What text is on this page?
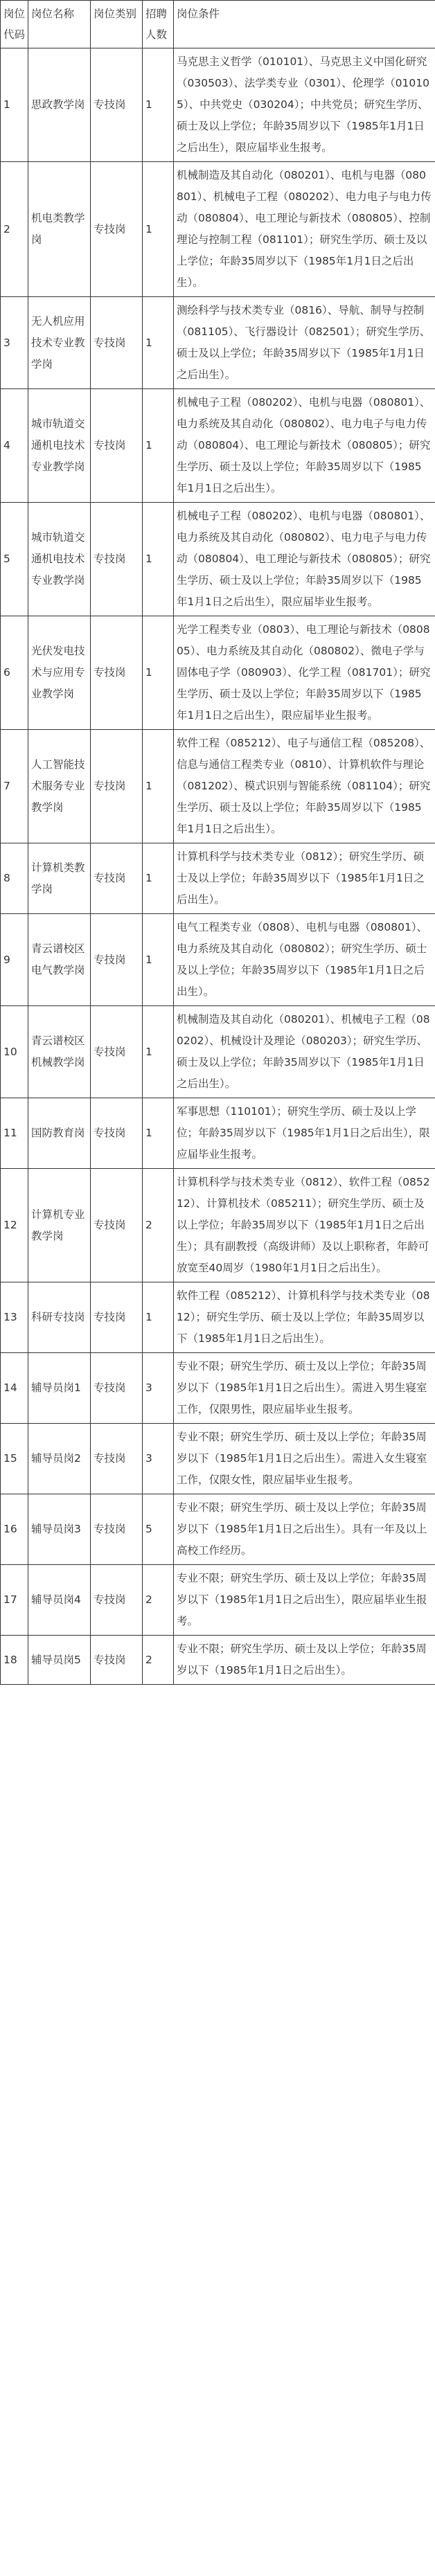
岗位代码	岗位名称	岗位类别	招聘人数	岗位条件
1	思政教学岗	专技岗	1	马克思主义哲学（010101）、马克思主义中国化研究（030503）、法学类专业（0301）、伦理学（010105）、中共党史（030204）；中共党员；研究生学历、硕士及以上学位；年龄35周岁以下（1985年1月1日之后出生），限应届毕业生报考。
2	机电类教学岗	专技岗	1	机械制造及其自动化（080201）、电机与电器（080801）、机械电子工程（080202）、电力电子与电力传动（080804）、电工理论与新技术（080805）、控制理论与控制工程（081101）；研究生学历、硕士及以上学位；年龄35周岁以下（1985年1月1日之后出生）。
3	无人机应用技术专业教学岗	专技岗	1	测绘科学与技术类专业（0816）、导航、制导与控制（081105）、飞行器设计（082501）；研究生学历、硕士及以上学位；年龄35周岁以下（1985年1月1日之后出生）。
4	城市轨道交通机电技术专业教学岗	专技岗	1	机械电子工程（080202）、电机与电器（080801）、电力系统及其自动化（080802）、电力电子与电力传动（080804）、电工理论与新技术（080805）；研究生学历、硕士及以上学位；年龄35周岁以下（1985年1月1日之后出生）。
5	城市轨道交通机电技术专业教学岗	专技岗	1	机械电子工程（080202）、电机与电器（080801）、电力系统及其自动化（080802）、电力电子与电力传动（080804）、电工理论与新技术（080805）；研究生学历、硕士及以上学位；年龄35周岁以下（1985年1月1日之后出生），限应届毕业生报考。
6	光伏发电技术与应用专业教学岗	专技岗	1	光学工程类专业（0803）、电工理论与新技术（080805）、电力系统及其自动化（080802）、微电子学与固体电子学（080903）、化学工程（081701）；研究生学历、硕士及以上学位；年龄35周岁以下（1985年1月1日之后出生），限应届毕业生报考。
7	人工智能技术服务专业教学岗	专技岗	1	软件工程（085212）、电子与通信工程（085208）、信息与通信工程类专业（0810）、计算机软件与理论（081202）、模式识别与智能系统（081104）；研究生学历、硕士及以上学位；年龄35周岁以下（1985年1月1日之后出生）。
8	计算机类教学岗	专技岗	1	计算机科学与技术类专业（0812）；研究生学历、硕士及以上学位；年龄35周岁以下（1985年1月1日之后出生）。
9	青云谱校区电气教学岗	专技岗	1	电气工程类专业（0808）、电机与电器（080801）、电力系统及其自动化（080802）；研究生学历、硕士及以上学位；年龄35周岁以下（1985年1月1日之后出生）。
10	青云谱校区机械教学岗	专技岗	1	机械制造及其自动化（080201）、机械电子工程（080202）、机械设计及理论（080203）；研究生学历、硕士及以上学位；年龄35周岁以下（1985年1月1日之后出生）。
11	国防教育岗	专技岗	1	军事思想（110101）；研究生学历、硕士及以上学位；年龄35周岁以下（1985年1月1日之后出生），限应届毕业生报考。
12	计算机专业教学岗	专技岗	2	计算机科学与技术类专业（0812）、软件工程（085212）、计算机技术（085211）；研究生学历、硕士及以上学位；年龄35周岁以下（1985年1月1日之后出生）；具有副教授（高级讲师）及以上职称者，年龄可放宽至40周岁（1980年1月1日之后出生）。
13	科研专技岗	专技岗	1	软件工程（085212）、计算机科学与技术类专业（0812）；研究生学历、硕士及以上学位；年龄35周岁以下（1985年1月1日之后出生）。
14	辅导员岗1	专技岗	3	专业不限；研究生学历、硕士及以上学位；年龄35周岁以下（1985年1月1日之后出生）。需进入男生寝室工作，仅限男性，限应届毕业生报考。
15	辅导员岗2	专技岗	3	专业不限；研究生学历、硕士及以上学位；年龄35周岁以下（1985年1月1日之后出生）。需进入女生寝室工作，仅限女性，限应届毕业生报考。
16	辅导员岗3	专技岗	5	专业不限；研究生学历、硕士及以上学位；年龄35周岁以下（1985年1月1日之后出生）。具有一年及以上高校工作经历。
17	辅导员岗4	专技岗	2	专业不限；研究生学历、硕士及以上学位；年龄35周岁以下（1985年1月1日之后出生），限应届毕业生报考。
18	辅导员岗5	专技岗	2	专业不限；研究生学历、硕士及以上学位；年龄35周岁以下（1985年1月1日之后出生）。
